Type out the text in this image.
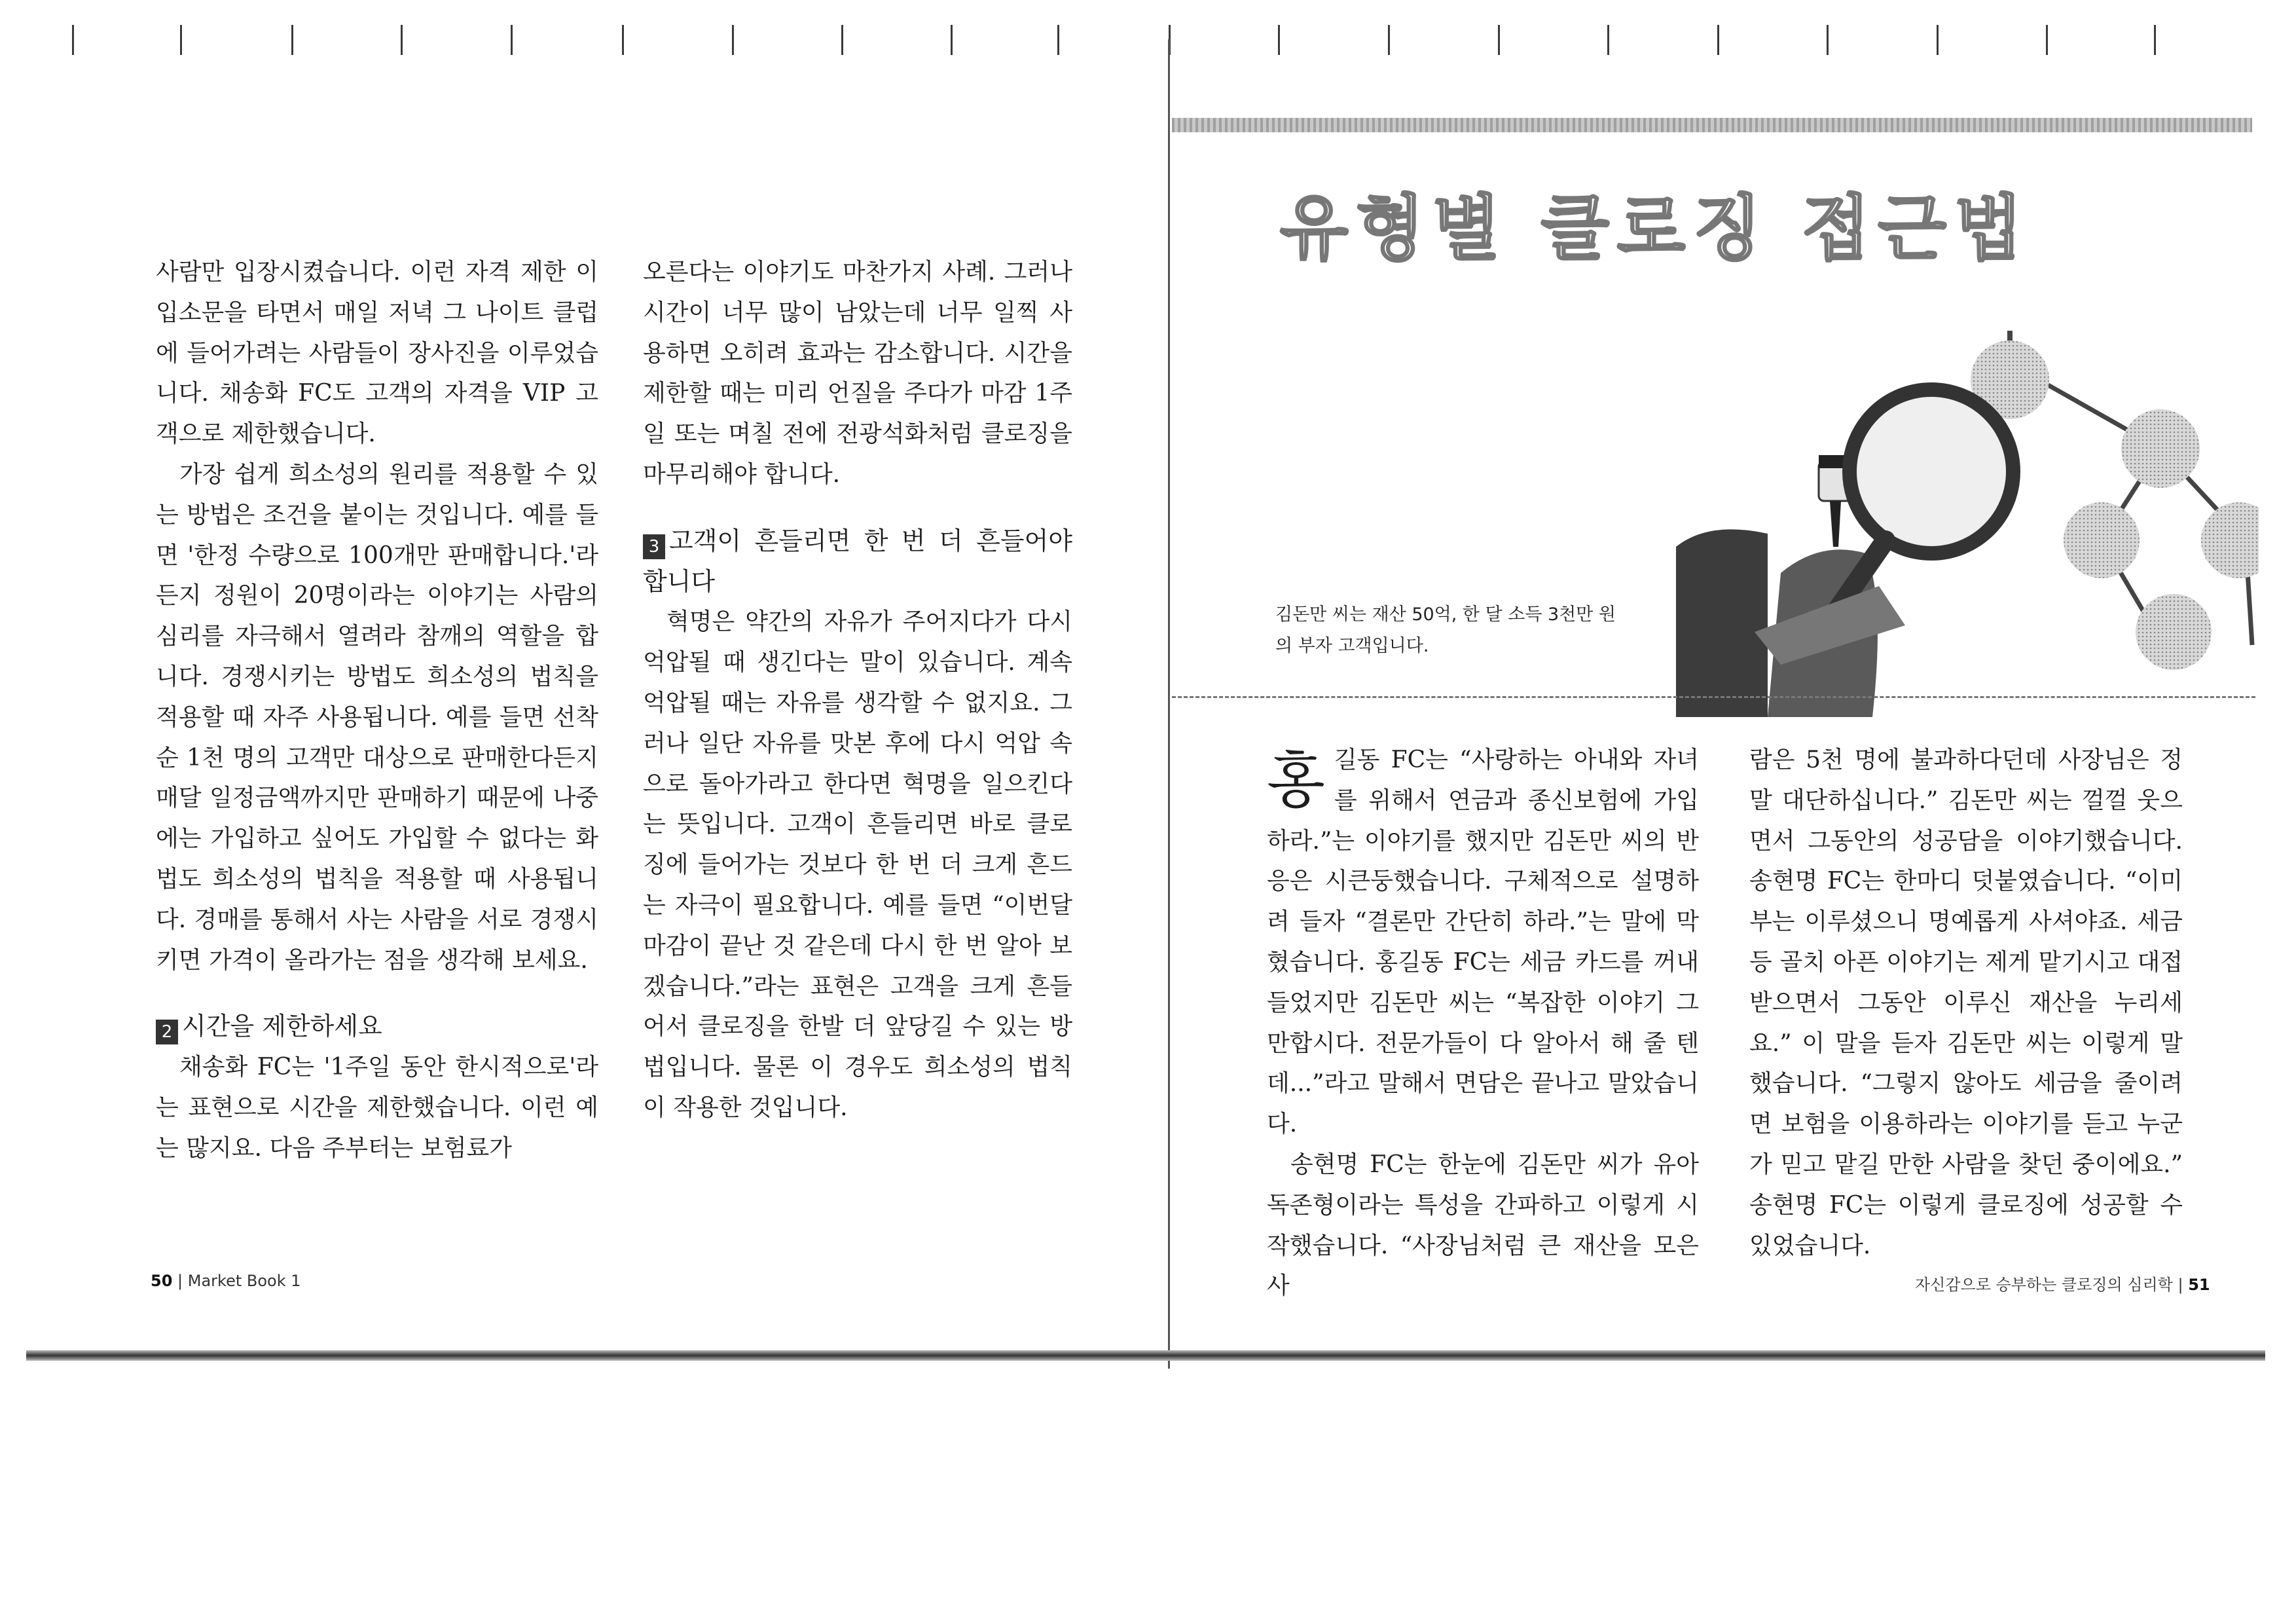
사람만 입장시켰습니다. 이런 자격 제한 이 입소문을 타면서 매일 저녁 그 나이트 클럽에 들어가려는 사람들이 장사진을 이루었습니다. 채송화 FC도 고객의 자격을 VIP 고객으로 제한했습니다.

가장 쉽게 희소성의 원리를 적용할 수 있는 방법은 조건을 붙이는 것입니다. 예를 들면 '한정 수량으로 100개만 판매합니다.'라든지 정원이 20명이라는 이야기는 사람의 심리를 자극해서 열려라 참깨의 역할을 합니다. 경쟁시키는 방법도 희소성의 법칙을 적용할 때 자주 사용됩니다. 예를 들면 선착순 1천 명의 고객만 대상으로 판매한다든지 매달 일정금액까지만 판매하기 때문에 나중에는 가입하고 싶어도 가입할 수 없다는 화법도 희소성의 법칙을 적용할 때 사용됩니다. 경매를 통해서 사는 사람을 서로 경쟁시키면 가격이 올라가는 점을 생각해 보세요.

2 시간을 제한하세요

채송화 FC는 '1주일 동안 한시적으로'라는 표현으로 시간을 제한했습니다. 이런 예는 많지요. 다음 주부터는 보험료가

오른다는 이야기도 마찬가지 사례. 그러나 시간이 너무 많이 남았는데 너무 일찍 사용하면 오히려 효과는 감소합니다. 시간을 제한할 때는 미리 언질을 주다가 마감 1주일 또는 며칠 전에 전광석화처럼 클로징을 마무리해야 합니다.

3 고객이 흔들리면 한 번 더 흔들어야 합니다

혁명은 약간의 자유가 주어지다가 다시 억압될 때 생긴다는 말이 있습니다. 계속 억압될 때는 자유를 생각할 수 없지요. 그러나 일단 자유를 맛본 후에 다시 억압 속으로 돌아가라고 한다면 혁명을 일으킨다는 뜻입니다. 고객이 흔들리면 바로 클로징에 들어가는 것보다 한 번 더 크게 흔드는 자극이 필요합니다. 예를 들면 “이번달 마감이 끝난 것 같은데 다시 한 번 알아 보겠습니다.”라는 표현은 고객을 크게 흔들어서 클로징을 한발 더 앞당길 수 있는 방법입니다. 물론 이 경우도 희소성의 법칙이 작용한 것입니다.

50 | Market Book 1
유형별 클로징 접근법
김돈만 씨는 재산 50억, 한 달 소득 3천만 원의 부자 고객입니다.
홍 길동 FC는 “사랑하는 아내와 자녀를 위해서 연금과 종신보험에 가입하라.”는 이야기를 했지만 김돈만 씨의 반응은 시큰둥했습니다. 구체적으로 설명하려 들자 “결론만 간단히 하라.”는 말에 막혔습니다. 홍길동 FC는 세금 카드를 꺼내 들었지만 김돈만 씨는 “복잡한 이야기 그만합시다. 전문가들이 다 알아서 해 줄 텐데...”라고 말해서 면담은 끝나고 말았습니다.

송현명 FC는 한눈에 김돈만 씨가 유아독존형이라는 특성을 간파하고 이렇게 시작했습니다. “사장님처럼 큰 재산을 모은 사

람은 5천 명에 불과하다던데 사장님은 정말 대단하십니다.” 김돈만 씨는 껄껄 웃으면서 그동안의 성공담을 이야기했습니다. 송현명 FC는 한마디 덧붙였습니다. “이미 부는 이루셨으니 명예롭게 사셔야죠. 세금 등 골치 아픈 이야기는 제게 맡기시고 대접받으면서 그동안 이루신 재산을 누리세요.” 이 말을 듣자 김돈만 씨는 이렇게 말했습니다. “그렇지 않아도 세금을 줄이려면 보험을 이용하라는 이야기를 듣고 누군가 믿고 맡길 만한 사람을 찾던 중이에요.” 송현명 FC는 이렇게 클로징에 성공할 수 있었습니다.

자신감으로 승부하는 클로징의 심리학 | 51
